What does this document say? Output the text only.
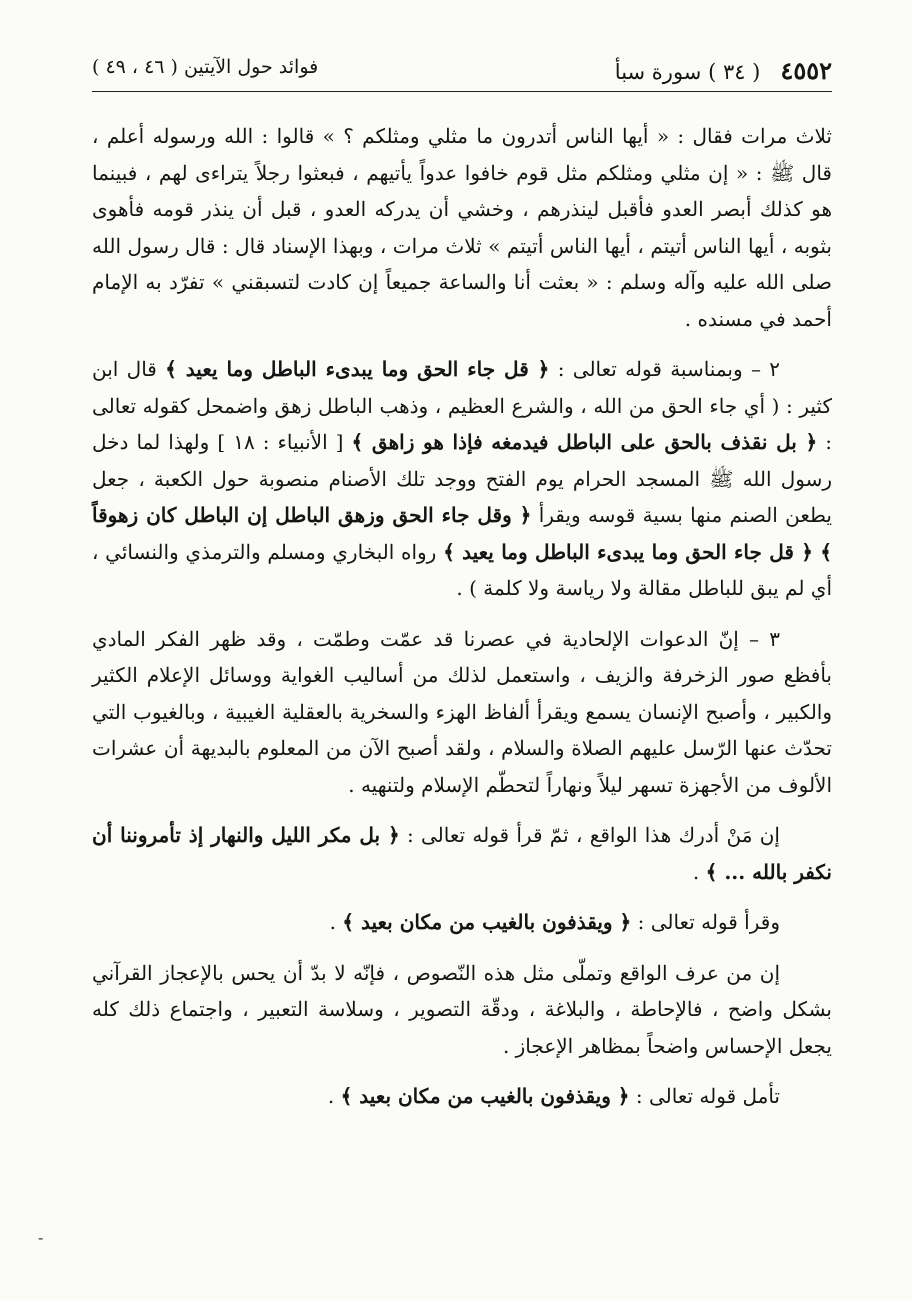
٤٥٥٢   ( ٣٤ ) سورة سبأ
فوائد حول الآيتين ( ٤٦ ، ٤٩ )

ثلاث مرات فقال : « أيها الناس أتدرون ما مثلي ومثلكم ؟ » قالوا : الله ورسوله أعلم ، قال ﷺ : « إن مثلي ومثلكم مثل قوم خافوا عدواً يأتيهم ، فبعثوا رجلاً يتراءى لهم ، فبينما هو كذلك أبصر العدو فأقبل لينذرهم ، وخشي أن يدركه العدو ، قبل أن ينذر قومه فأهوى بثوبه ، أيها الناس أتيتم ، أيها الناس أتيتم » ثلاث مرات ، وبهذا الإسناد قال : قال رسول الله صلى الله عليه وآله وسلم : « بعثت أنا والساعة جميعاً إن كادت لتسبقني » تفرّد به الإمام أحمد في مسنده .

٢ – وبمناسبة قوله تعالى : ﴿ قل جاء الحق وما يبدىء الباطل وما يعيد ﴾ قال ابن كثير : ( أي جاء الحق من الله ، والشرع العظيم ، وذهب الباطل زهق واضمحل كقوله تعالى : ﴿ بل نقذف بالحق على الباطل فيدمغه فإذا هو زاهق ﴾ [ الأنبياء : ١٨ ] ولهذا لما دخل رسول الله ﷺ المسجد الحرام يوم الفتح ووجد تلك الأصنام منصوبة حول الكعبة ، جعل يطعن الصنم منها بسية قوسه ويقرأ ﴿ وقل جاء الحق وزهق الباطل إن الباطل كان زهوقاً ﴾ ﴿ قل جاء الحق وما يبدىء الباطل وما يعيد ﴾ رواه البخاري ومسلم والترمذي والنسائي ، أي لم يبق للباطل مقالة ولا رياسة ولا كلمة ) .

٣ – إنّ الدعوات الإلحادية في عصرنا قد عمّت وطمّت ، وقد ظهر الفكر المادي بأفظع صور الزخرفة والزيف ، واستعمل لذلك من أساليب الغواية ووسائل الإعلام الكثير والكبير ، وأصبح الإنسان يسمع ويقرأ ألفاظ الهزء والسخرية بالعقلية الغيبية ، وبالغيوب التي تحدّث عنها الرّسل عليهم الصلاة والسلام ، ولقد أصبح الآن من المعلوم بالبديهة أن عشرات الألوف من الأجهزة تسهر ليلاً ونهاراً لتحطّم الإسلام ولتنهيه .

إن مَنْ أدرك هذا الواقع ، ثمّ قرأ قوله تعالى : ﴿ بل مكر الليل والنهار إذ تأمروننا أن نكفر بالله ... ﴾ .

وقرأ قوله تعالى : ﴿ ويقذفون بالغيب من مكان بعيد ﴾ .

إن من عرف الواقع وتملّى مثل هذه النّصوص ، فإنّه لا بدّ أن يحس بالإعجاز القرآني بشكل واضح ، فالإحاطة ، والبلاغة ، ودقّة التصوير ، وسلاسة التعبير ، واجتماع ذلك كله يجعل الإحساس واضحاً بمظاهر الإعجاز .

تأمل قوله تعالى : ﴿ ويقذفون بالغيب من مكان بعيد ﴾ .

-
